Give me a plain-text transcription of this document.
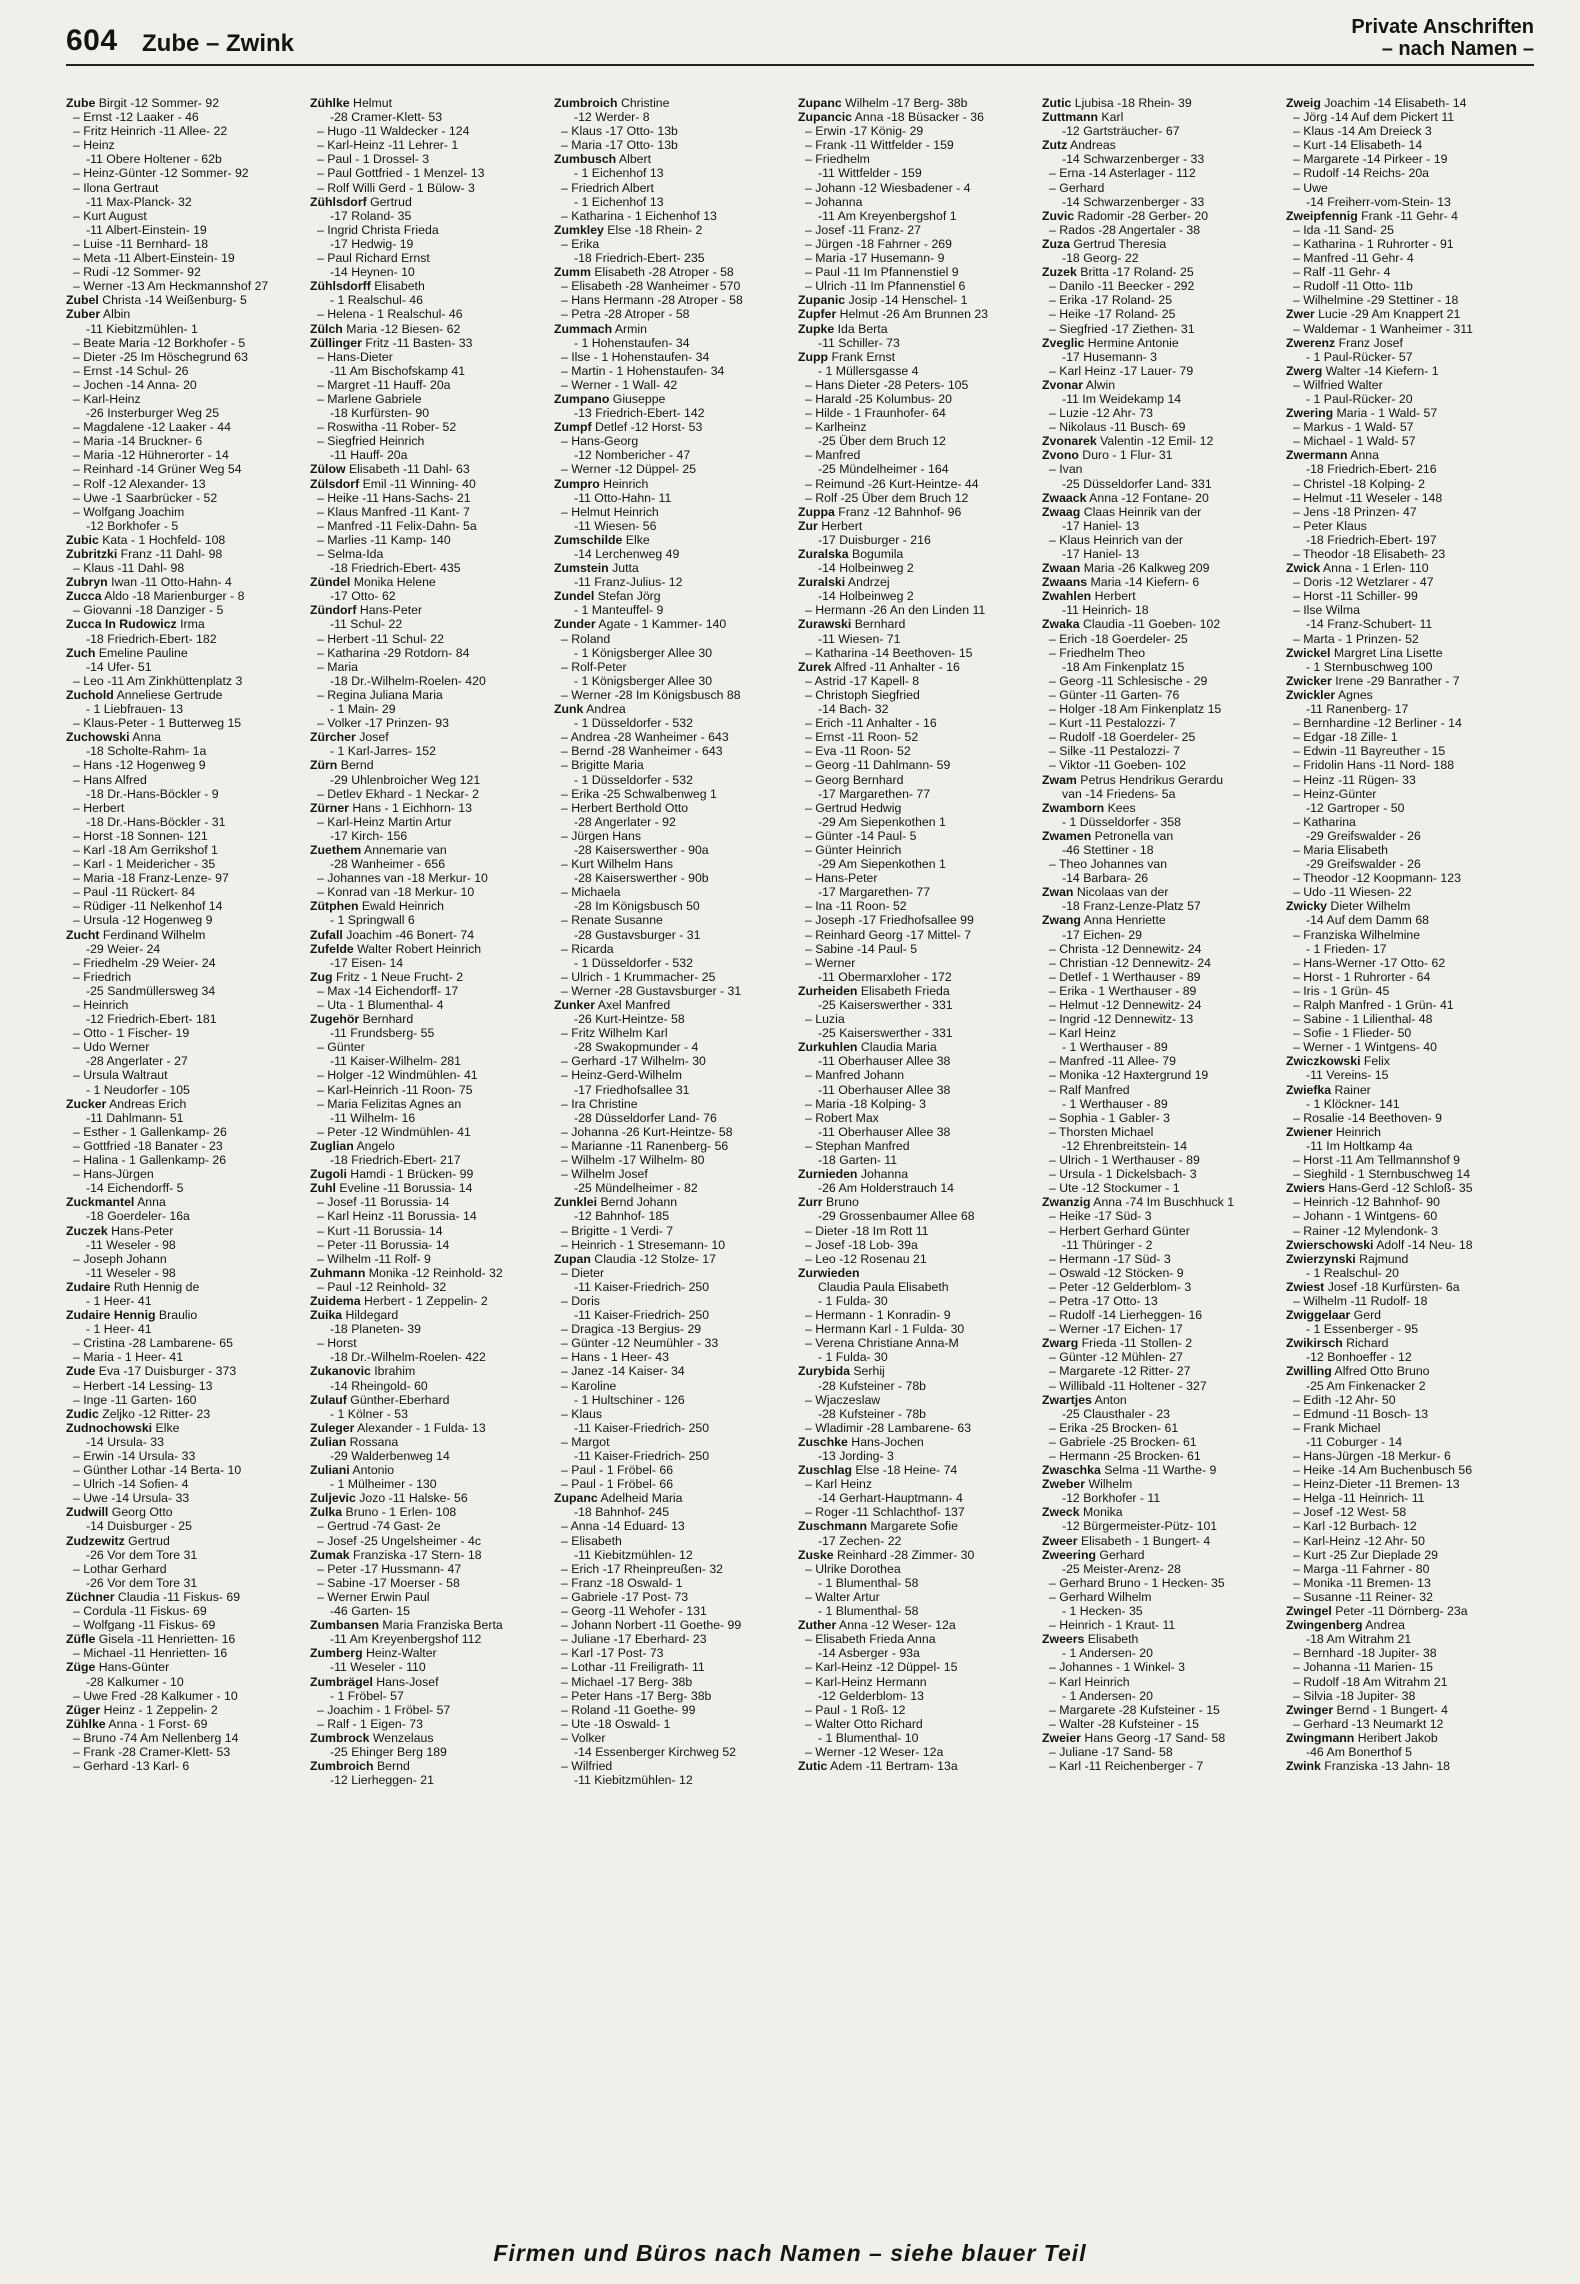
604 Zube – Zwink
Private Anschriften
– nach Namen –
Zube Birgit -12 Sommer- 92
– Ernst -12 Laaker - 46
– Fritz Heinrich -11 Allee- 22
– Heinz
-11 Obere Holtener - 62b
– Heinz-Günter -12 Sommer- 92
– Ilona Gertraut
-11 Max-Planck- 32
– Kurt August
-11 Albert-Einstein- 19
– Luise -11 Bernhard- 18
– Meta -11 Albert-Einstein- 19
– Rudi -12 Sommer- 92
– Werner -13 Am Heckmannshof 27
Zubel Christa -14 Weißenburg- 5
Zuber Albin
-11 Kiebitzmühlen- 1
– Beate Maria -12 Borkhofer - 5
– Dieter -25 Im Höschegrund 63
– Ernst -14 Schul- 26
– Jochen -14 Anna- 20
– Karl-Heinz
-26 Insterburger Weg 25
– Magdalene -12 Laaker - 44
– Maria -14 Bruckner- 6
– Maria -12 Hühnerorter - 14
– Reinhard -14 Grüner Weg 54
– Rolf -12 Alexander- 13
– Uwe -1 Saarbrücker - 52
– Wolfgang Joachim
-12 Borkhofer - 5
Zubic Kata - 1 Hochfeld- 108
Zubritzki Franz -11 Dahl- 98
– Klaus -11 Dahl- 98
Zubryn Iwan -11 Otto-Hahn- 4
Zucca Aldo -18 Marienburger - 8
– Giovanni -18 Danziger - 5
Zucca In Rudowicz Irma
-18 Friedrich-Ebert- 182
Zuch Emeline Pauline
-14 Ufer- 51
– Leo -11 Am Zinkhüttenplatz 3
Zuchold Anneliese Gertrude
- 1 Liebfrauen- 13
– Klaus-Peter - 1 Butterweg 15
Zuchowski Anna
-18 Scholte-Rahm- 1a
– Hans -12 Hogenweg 9
– Hans Alfred
-18 Dr.-Hans-Böckler - 9
– Herbert
-18 Dr.-Hans-Böckler - 31
– Horst -18 Sonnen- 121
– Karl -18 Am Gerrikshof 1
– Karl - 1 Meidericher - 35
– Maria -18 Franz-Lenze- 97
– Paul -11 Rückert- 84
– Rüdiger -11 Nelkenhof 14
– Ursula -12 Hogenweg 9
Zucht Ferdinand Wilhelm
-29 Weier- 24
– Friedhelm -29 Weier- 24
– Friedrich
-25 Sandmüllersweg 34
– Heinrich
-12 Friedrich-Ebert- 181
– Otto - 1 Fischer- 19
– Udo Werner
-28 Angerlater - 27
– Ursula Waltraut
- 1 Neudorfer - 105
Zucker Andreas Erich
-11 Dahlmann- 51
– Esther - 1 Gallenkamp- 26
– Gottfried -18 Banater - 23
– Halina - 1 Gallenkamp- 26
– Hans-Jürgen
-14 Eichendorff- 5
Zuckmantel Anna
-18 Goerdeler- 16a
Zuczek Hans-Peter
-11 Weseler - 98
– Joseph Johann
-11 Weseler - 98
Zudaire Ruth Hennig de
- 1 Heer- 41
Zudaire Hennig Braulio
- 1 Heer- 41
– Cristina -28 Lambarene- 65
– Maria - 1 Heer- 41
Zude Eva -17 Duisburger - 373
– Herbert -14 Lessing- 13
– Inge -11 Garten- 160
Zudic Zeljko -12 Ritter- 23
Zudnochowski Elke
-14 Ursula- 33
– Erwin -14 Ursula- 33
– Günther Lothar -14 Berta- 10
– Ulrich -14 Sofien- 4
– Uwe -14 Ursula- 33
Zudwill Georg Otto
-14 Duisburger - 25
Zudzewitz Gertrud
-26 Vor dem Tore 31
– Lothar Gerhard
-26 Vor dem Tore 31
Züchner Claudia -11 Fiskus- 69
– Cordula -11 Fiskus- 69
– Wolfgang -11 Fiskus- 69
Züfle Gisela -11 Henrietten- 16
– Michael -11 Henrietten- 16
Züge Hans-Günter
-28 Kalkumer - 10
– Uwe Fred -28 Kalkumer - 10
Züger Heinz - 1 Zeppelin- 2
Zühlke Anna - 1 Forst- 69
– Bruno -74 Am Nellenberg 14
– Frank -28 Cramer-Klett- 53
– Gerhard -13 Karl- 6
Zühlke Helmut
-28 Cramer-Klett- 53
– Hugo -11 Waldecker - 124
– Karl-Heinz -11 Lehrer- 1
– Paul - 1 Drossel- 3
– Paul Gottfried - 1 Menzel- 13
– Rolf Willi Gerd - 1 Bülow- 3
Zühlsdorf Gertrud
-17 Roland- 35
– Ingrid Christa Frieda
-17 Hedwig- 19
– Paul Richard Ernst
-14 Heynen- 10
Zühlsdorff Elisabeth
- 1 Realschul- 46
– Helena - 1 Realschul- 46
Zülch Maria -12 Biesen- 62
Züllinger Fritz -11 Basten- 33
– Hans-Dieter
-11 Am Bischofskamp 41
– Margret -11 Hauff- 20a
– Marlene Gabriele
-18 Kurfürsten- 90
– Roswitha -11 Rober- 52
– Siegfried Heinrich
-11 Hauff- 20a
Zülow Elisabeth -11 Dahl- 63
Zülsdorf Emil -11 Winning- 40
– Heike -11 Hans-Sachs- 21
– Klaus Manfred -11 Kant- 7
– Manfred -11 Felix-Dahn- 5a
– Marlies -11 Kamp- 140
– Selma-Ida
-18 Friedrich-Ebert- 435
Zündel Monika Helene
-17 Otto- 62
Zündorf Hans-Peter
-11 Schul- 22
– Herbert -11 Schul- 22
– Katharina -29 Rotdorn- 84
– Maria
-18 Dr.-Wilhelm-Roelen- 420
– Regina Juliana Maria
- 1 Main- 29
– Volker -17 Prinzen- 93
Zürcher Josef
- 1 Karl-Jarres- 152
Zürn Bernd
-29 Uhlenbroicher Weg 121
– Detlev Ekhard - 1 Neckar- 2
Zürner Hans - 1 Eichhorn- 13
– Karl-Heinz Martin Artur
-17 Kirch- 156
Zuethem Annemarie van
-28 Wanheimer - 656
– Johannes van -18 Merkur- 10
– Konrad van -18 Merkur- 10
Zütphen Ewald Heinrich
- 1 Springwall 6
Zufall Joachim -46 Bonert- 74
Zufelde Walter Robert Heinrich
-17 Eisen- 14
Zug Fritz - 1 Neue Frucht- 2
– Max -14 Eichendorff- 17
– Uta - 1 Blumenthal- 4
Zugehör Bernhard
-11 Frundsberg- 55
– Günter
-11 Kaiser-Wilhelm- 281
– Holger -12 Windmühlen- 41
– Karl-Heinrich -11 Roon- 75
– Maria Felizitas Agnes an
-11 Wilhelm- 16
– Peter -12 Windmühlen- 41
Zuglian Angelo
-18 Friedrich-Ebert- 217
Zugoli Hamdi - 1 Brücken- 99
Zuhl Eveline -11 Borussia- 14
– Josef -11 Borussia- 14
– Karl Heinz -11 Borussia- 14
– Kurt -11 Borussia- 14
– Peter -11 Borussia- 14
– Wilhelm -11 Rolf- 9
Zuhmann Monika -12 Reinhold- 32
– Paul -12 Reinhold- 32
Zuidema Herbert - 1 Zeppelin- 2
Zuika Hildegard
-18 Planeten- 39
– Horst
-18 Dr.-Wilhelm-Roelen- 422
Zukanovic Ibrahim
-14 Rheingold- 60
Zulauf Günther-Eberhard
- 1 Kölner - 53
Zuleger Alexander - 1 Fulda- 13
Zulian Rossana
-29 Walderbenweg 14
Zuliani Antonio
- 1 Mülheimer - 130
Zuljevic Jozo -11 Halske- 56
Zulka Bruno - 1 Erlen- 108
– Gertrud -74 Gast- 2e
– Josef -25 Ungelsheimer - 4c
Zumak Franziska -17 Stern- 18
– Peter -17 Hussmann- 47
– Sabine -17 Moerser - 58
– Werner Erwin Paul
-46 Garten- 15
Zumbansen Maria Franziska Berta
-11 Am Kreyenbergshof 112
Zumberg Heinz-Walter
-11 Weseler - 110
Zumbrägel Hans-Josef
- 1 Fröbel- 57
– Joachim - 1 Fröbel- 57
– Ralf - 1 Eigen- 73
Zumbrock Wenzelaus
-25 Ehinger Berg 189
Zumbroich Bernd
-12 Lierheggen- 21
Zumbroich Christine
-12 Werder- 8
– Klaus -17 Otto- 13b
– Maria -17 Otto- 13b
Zumbusch Albert
- 1 Eichenhof 13
– Friedrich Albert
- 1 Eichenhof 13
– Katharina - 1 Eichenhof 13
Zumkley Else -18 Rhein- 2
– Erika
-18 Friedrich-Ebert- 235
Zumm Elisabeth -28 Atroper - 58
– Elisabeth -28 Wanheimer - 570
– Hans Hermann -28 Atroper - 58
– Petra -28 Atroper - 58
Zummach Armin
- 1 Hohenstaufen- 34
– Ilse - 1 Hohenstaufen- 34
– Martin - 1 Hohenstaufen- 34
– Werner - 1 Wall- 42
Zumpano Giuseppe
-13 Friedrich-Ebert- 142
Zumpf Detlef -12 Horst- 53
– Hans-Georg
-12 Nombericher - 47
– Werner -12 Düppel- 25
Zumpro Heinrich
-11 Otto-Hahn- 11
– Helmut Heinrich
-11 Wiesen- 56
Zumschilde Elke
-14 Lerchenweg 49
Zumstein Jutta
-11 Franz-Julius- 12
Zundel Stefan Jörg
- 1 Manteuffel- 9
Zunder Agate - 1 Kammer- 140
– Roland
- 1 Königsberger Allee 30
– Rolf-Peter
- 1 Königsberger Allee 30
– Werner -28 Im Königsbusch 88
Zunk Andrea
- 1 Düsseldorfer - 532
– Andrea -28 Wanheimer - 643
– Bernd -28 Wanheimer - 643
– Brigitte Maria
- 1 Düsseldorfer - 532
– Erika -25 Schwalbenweg 1
– Herbert Berthold Otto
-28 Angerlater - 92
– Jürgen Hans
-28 Kaiserswerther - 90a
– Kurt Wilhelm Hans
-28 Kaiserswerther - 90b
– Michaela
-28 Im Königsbusch 50
– Renate Susanne
-28 Gustavsburger - 31
– Ricarda
- 1 Düsseldorfer - 532
– Ulrich - 1 Krummacher- 25
– Werner -28 Gustavsburger - 31
Zunker Axel Manfred
-26 Kurt-Heintze- 58
– Fritz Wilhelm Karl
-28 Swakopmunder - 4
– Gerhard -17 Wilhelm- 30
– Heinz-Gerd-Wilhelm
-17 Friedhofsallee 31
– Ira Christine
-28 Düsseldorfer Land- 76
– Johanna -26 Kurt-Heintze- 58
– Marianne -11 Ranenberg- 56
– Wilhelm -17 Wilhelm- 80
– Wilhelm Josef
-25 Mündelheimer - 82
Zunklei Bernd Johann
-12 Bahnhof- 185
– Brigitte - 1 Verdi- 7
– Heinrich - 1 Stresemann- 10
Zupan Claudia -12 Stolze- 17
– Dieter
-11 Kaiser-Friedrich- 250
– Doris
-11 Kaiser-Friedrich- 250
– Dragica -13 Bergius- 29
– Günter -12 Neumühler - 33
– Hans - 1 Heer- 43
– Janez -14 Kaiser- 34
– Karoline
- 1 Hultschiner - 126
– Klaus
-11 Kaiser-Friedrich- 250
– Margot
-11 Kaiser-Friedrich- 250
– Paul - 1 Fröbel- 66
– Paul - 1 Fröbel- 66
Zupanc Adelheid Maria
-18 Bahnhof- 245
– Anna -14 Eduard- 13
– Elisabeth
-11 Kiebitzmühlen- 12
– Erich -17 Rheinpreußen- 32
– Franz -18 Oswald- 1
– Gabriele -17 Post- 73
– Georg -11 Wehofer - 131
– Johann Norbert -11 Goethe- 99
– Juliane -17 Eberhard- 23
– Karl -17 Post- 73
– Lothar -11 Freiligrath- 11
– Michael -17 Berg- 38b
– Peter Hans -17 Berg- 38b
– Roland -11 Goethe- 99
– Ute -18 Oswald- 1
– Volker
-14 Essenberger Kirchweg 52
– Wilfried
-11 Kiebitzmühlen- 12
Zupanc Wilhelm -17 Berg- 38b
Zupancic Anna -18 Büsacker - 36
– Erwin -17 König- 29
– Frank -11 Wittfelder - 159
– Friedhelm
-11 Wittfelder - 159
– Johann -12 Wiesbadener - 4
– Johanna
-11 Am Kreyenbergshof 1
– Josef -11 Franz- 27
– Jürgen -18 Fahrner - 269
– Maria -17 Husemann- 9
– Paul -11 Im Pfannenstiel 9
– Ulrich -11 Im Pfannenstiel 6
Zupanic Josip -14 Henschel- 1
Zupfer Helmut -26 Am Brunnen 23
Zupke Ida Berta
-11 Schiller- 73
Zupp Frank Ernst
- 1 Müllersgasse 4
– Hans Dieter -28 Peters- 105
– Harald -25 Kolumbus- 20
– Hilde - 1 Fraunhofer- 64
– Karlheinz
-25 Über dem Bruch 12
– Manfred
-25 Mündelheimer - 164
– Reimund -26 Kurt-Heintze- 44
– Rolf -25 Über dem Bruch 12
Zuppa Franz -12 Bahnhof- 96
Zur Herbert
-17 Duisburger - 216
Zuralska Bogumila
-14 Holbeinweg 2
Zuralski Andrzej
-14 Holbeinweg 2
– Hermann -26 An den Linden 11
Zurawski Bernhard
-11 Wiesen- 71
– Katharina -14 Beethoven- 15
Zurek Alfred -11 Anhalter - 16
– Astrid -17 Kapell- 8
– Christoph Siegfried
-14 Bach- 32
– Erich -11 Anhalter - 16
– Ernst -11 Roon- 52
– Eva -11 Roon- 52
– Georg -11 Dahlmann- 59
– Georg Bernhard
-17 Margarethen- 77
– Gertrud Hedwig
-29 Am Siepenkothen 1
– Günter -14 Paul- 5
– Günter Heinrich
-29 Am Siepenkothen 1
– Hans-Peter
-17 Margarethen- 77
– Ina -11 Roon- 52
– Joseph -17 Friedhofsallee 99
– Reinhard Georg -17 Mittel- 7
– Sabine -14 Paul- 5
– Werner
-11 Obermarxloher - 172
Zurheiden Elisabeth Frieda
-25 Kaiserswerther - 331
– Luzia
-25 Kaiserswerther - 331
Zurkuhlen Claudia Maria
-11 Oberhauser Allee 38
– Manfred Johann
-11 Oberhauser Allee 38
– Maria -18 Kolping- 3
– Robert Max
-11 Oberhauser Allee 38
– Stephan Manfred
-18 Garten- 11
Zurnieden Johanna
-26 Am Holderstrauch 14
Zurr Bruno
-29 Grossenbaumer Allee 68
– Dieter -18 Im Rott 11
– Josef -18 Lob- 39a
– Leo -12 Rosenau 21
Zurwieden
Claudia Paula Elisabeth
- 1 Fulda- 30
– Hermann - 1 Konradin- 9
– Hermann Karl - 1 Fulda- 30
– Verena Christiane Anna-M
- 1 Fulda- 30
Zurybida Serhij
-28 Kufsteiner - 78b
– Wjaczeslaw
-28 Kufsteiner - 78b
– Wladimir -28 Lambarene- 63
Zuschke Hans-Jochen
-13 Jording- 3
Zuschlag Else -18 Heine- 74
– Karl Heinz
-14 Gerhart-Hauptmann- 4
– Roger -11 Schlachthof- 137
Zuschmann Margarete Sofie
-17 Zechen- 22
Zuske Reinhard -28 Zimmer- 30
– Ulrike Dorothea
- 1 Blumenthal- 58
– Walter Artur
- 1 Blumenthal- 58
Zuther Anna -12 Weser- 12a
– Elisabeth Frieda Anna
-14 Asberger - 93a
– Karl-Heinz -12 Düppel- 15
– Karl-Heinz Hermann
-12 Gelderblom- 13
– Paul - 1 Roß- 12
– Walter Otto Richard
- 1 Blumenthal- 10
– Werner -12 Weser- 12a
Zutic Adem -11 Bertram- 13a
Zutic Ljubisa -18 Rhein- 39
Zuttmann Karl
-12 Gartsträucher- 67
Zutz Andreas
-14 Schwarzenberger - 33
– Erna -14 Asterlager - 112
– Gerhard
-14 Schwarzenberger - 33
Zuvic Radomir -28 Gerber- 20
– Rados -28 Angertaler - 38
Zuza Gertrud Theresia
-18 Georg- 22
Zuzek Britta -17 Roland- 25
– Danilo -11 Beecker - 292
– Erika -17 Roland- 25
– Heike -17 Roland- 25
– Siegfried -17 Ziethen- 31
Zveglic Hermine Antonie
-17 Husemann- 3
– Karl Heinz -17 Lauer- 79
Zvonar Alwin
-11 Im Weidekamp 14
– Luzie -12 Ahr- 73
– Nikolaus -11 Busch- 69
Zvonarek Valentin -12 Emil- 12
Zvono Duro - 1 Flur- 31
– Ivan
-25 Düsseldorfer Land- 331
Zwaack Anna -12 Fontane- 20
Zwaag Claas Heinrik van der
-17 Haniel- 13
– Klaus Heinrich van der
-17 Haniel- 13
Zwaan Maria -26 Kalkweg 209
Zwaans Maria -14 Kiefern- 6
Zwahlen Herbert
-11 Heinrich- 18
Zwaka Claudia -11 Goeben- 102
– Erich -18 Goerdeler- 25
– Friedhelm Theo
-18 Am Finkenplatz 15
– Georg -11 Schlesische - 29
– Günter -11 Garten- 76
– Holger -18 Am Finkenplatz 15
– Kurt -11 Pestalozzi- 7
– Rudolf -18 Goerdeler- 25
– Silke -11 Pestalozzi- 7
– Viktor -11 Goeben- 102
Zwam Petrus Hendrikus Gerardu
van -14 Friedens- 5a
Zwamborn Kees
- 1 Düsseldorfer - 358
Zwamen Petronella van
-46 Stettiner - 18
– Theo Johannes van
-14 Barbara- 26
Zwan Nicolaas van der
-18 Franz-Lenze-Platz 57
Zwang Anna Henriette
-17 Eichen- 29
– Christa -12 Dennewitz- 24
– Christian -12 Dennewitz- 24
– Detlef - 1 Werthauser - 89
– Erika - 1 Werthauser - 89
– Helmut -12 Dennewitz- 24
– Ingrid -12 Dennewitz- 13
– Karl Heinz
- 1 Werthauser - 89
– Manfred -11 Allee- 79
– Monika -12 Haxtergrund 19
– Ralf Manfred
- 1 Werthauser - 89
– Sophia - 1 Gabler- 3
– Thorsten Michael
-12 Ehrenbreitstein- 14
– Ulrich - 1 Werthauser - 89
– Ursula - 1 Dickelsbach- 3
– Ute -12 Stockumer - 1
Zwanzig Anna -74 Im Buschhuck 1
– Heike -17 Süd- 3
– Herbert Gerhard Günter
-11 Thüringer - 2
– Hermann -17 Süd- 3
– Oswald -12 Stöcken- 9
– Peter -12 Gelderblom- 3
– Petra -17 Otto- 13
– Rudolf -14 Lierheggen- 16
– Werner -17 Eichen- 17
Zwarg Frieda -11 Stollen- 2
– Günter -12 Mühlen- 27
– Margarete -12 Ritter- 27
– Willibald -11 Holtener - 327
Zwartjes Anton
-25 Clausthaler - 23
– Erika -25 Brocken- 61
– Gabriele -25 Brocken- 61
– Hermann -25 Brocken- 61
Zwaschka Selma -11 Warthe- 9
Zweber Wilhelm
-12 Borkhofer - 11
Zweck Monika
-12 Bürgermeister-Pütz- 101
Zweer Elisabeth - 1 Bungert- 4
Zweering Gerhard
-25 Meister-Arenz- 28
– Gerhard Bruno - 1 Hecken- 35
– Gerhard Wilhelm
- 1 Hecken- 35
– Heinrich - 1 Kraut- 11
Zweers Elisabeth
- 1 Andersen- 20
– Johannes - 1 Winkel- 3
– Karl Heinrich
- 1 Andersen- 20
– Margarete -28 Kufsteiner - 15
– Walter -28 Kufsteiner - 15
Zweier Hans Georg -17 Sand- 58
– Juliane -17 Sand- 58
– Karl -11 Reichenberger - 7
Zweig Joachim -14 Elisabeth- 14
– Jörg -14 Auf dem Pickert 11
– Klaus -14 Am Dreieck 3
– Kurt -14 Elisabeth- 14
– Margarete -14 Pirkeer - 19
– Rudolf -14 Reichs- 20a
– Uwe
-14 Freiherr-vom-Stein- 13
Zweipfennig Frank -11 Gehr- 4
– Ida -11 Sand- 25
– Katharina - 1 Ruhrorter - 91
– Manfred -11 Gehr- 4
– Ralf -11 Gehr- 4
– Rudolf -11 Otto- 11b
– Wilhelmine -29 Stettiner - 18
Zwer Lucie -29 Am Knappert 21
– Waldemar - 1 Wanheimer - 311
Zwerenz Franz Josef
- 1 Paul-Rücker- 57
Zwerg Walter -14 Kiefern- 1
– Wilfried Walter
- 1 Paul-Rücker- 20
Zwering Maria - 1 Wald- 57
– Markus - 1 Wald- 57
– Michael - 1 Wald- 57
Zwermann Anna
-18 Friedrich-Ebert- 216
– Christel -18 Kolping- 2
– Helmut -11 Weseler - 148
– Jens -18 Prinzen- 47
– Peter Klaus
-18 Friedrich-Ebert- 197
– Theodor -18 Elisabeth- 23
Zwick Anna - 1 Erlen- 110
– Doris -12 Wetzlarer - 47
– Horst -11 Schiller- 99
– Ilse Wilma
-14 Franz-Schubert- 11
– Marta - 1 Prinzen- 52
Zwickel Margret Lina Lisette
- 1 Sternbuschweg 100
Zwicker Irene -29 Banrather - 7
Zwickler Agnes
-11 Ranenberg- 17
– Bernhardine -12 Berliner - 14
– Edgar -18 Zille- 1
– Edwin -11 Bayreuther - 15
– Fridolin Hans -11 Nord- 188
– Heinz -11 Rügen- 33
– Heinz-Günter
-12 Gartroper - 50
– Katharina
-29 Greifswalder - 26
– Maria Elisabeth
-29 Greifswalder - 26
– Theodor -12 Koopmann- 123
– Udo -11 Wiesen- 22
Zwicky Dieter Wilhelm
-14 Auf dem Damm 68
– Franziska Wilhelmine
- 1 Frieden- 17
– Hans-Werner -17 Otto- 62
– Horst - 1 Ruhrorter - 64
– Iris - 1 Grün- 45
– Ralph Manfred - 1 Grün- 41
– Sabine - 1 Lilienthal- 48
– Sofie - 1 Flieder- 50
– Werner - 1 Wintgens- 40
Zwiczkowski Felix
-11 Vereins- 15
Zwiefka Rainer
- 1 Klöckner- 141
– Rosalie -14 Beethoven- 9
Zwiener Heinrich
-11 Im Holtkamp 4a
– Horst -11 Am Tellmannshof 9
– Sieghild - 1 Sternbuschweg 14
Zwiers Hans-Gerd -12 Schloß- 35
– Heinrich -12 Bahnhof- 90
– Johann - 1 Wintgens- 60
– Rainer -12 Mylendonk- 3
Zwierschowski Adolf -14 Neu- 18
Zwierzynski Rajmund
- 1 Realschul- 20
Zwiest Josef -18 Kurfürsten- 6a
– Wilhelm -11 Rudolf- 18
Zwiggelaar Gerd
- 1 Essenberger - 95
Zwikirsch Richard
-12 Bonhoeffer - 12
Zwilling Alfred Otto Bruno
-25 Am Finkenacker 2
– Edith -12 Ahr- 50
– Edmund -11 Bosch- 13
– Frank Michael
-11 Coburger - 14
– Hans-Jürgen -18 Merkur- 6
– Heike -14 Am Buchenbusch 56
– Heinz-Dieter -11 Bremen- 13
– Helga -11 Heinrich- 11
– Josef -12 West- 58
– Karl -12 Burbach- 12
– Karl-Heinz -12 Ahr- 50
– Kurt -25 Zur Dieplade 29
– Marga -11 Fahrner - 80
– Monika -11 Bremen- 13
– Susanne -11 Reiner- 32
Zwingel Peter -11 Dörnberg- 23a
Zwingenberg Andrea
-18 Am Witrahm 21
– Bernhard -18 Jupiter- 38
– Johanna -11 Marien- 15
– Rudolf -18 Am Witrahm 21
– Silvia -18 Jupiter- 38
Zwinger Bernd - 1 Bungert- 4
– Gerhard -13 Neumarkt 12
Zwingmann Heribert Jakob
-46 Am Bonerthof 5
Zwink Franziska -13 Jahn- 18
Firmen und Büros nach Namen – siehe blauer Teil
